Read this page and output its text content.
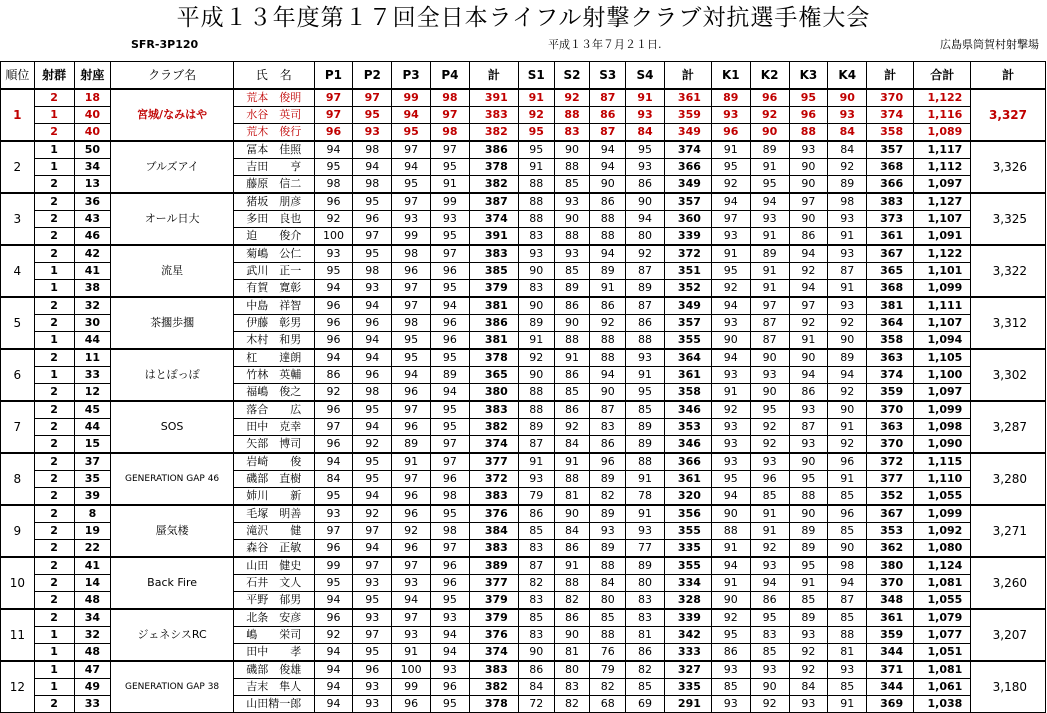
平成１３年度第１７回全日本ライフル射撃クラブ対抗選手権大会
SFR-3P120	平成１３年７月２１日.	広島県筒賀村射撃場
順位	射群	射座	クラブ名	氏　名	P1	P2	P3	P4	計	S1	S2	S3	S4	計	K1	K2	K3	K4	計	合計	計
1	2	18	宮城/なみはや	荒本　俊明	97	97	99	98	391	91	92	87	91	361	89	96	95	90	370	1,122	3,327
	1	40		水谷　英司	97	95	94	97	383	92	88	86	93	359	93	92	96	93	374	1,116	
	2	40		荒木　俊行	96	93	95	98	382	95	83	87	84	349	96	90	88	84	358	1,089	
2	1	50	ブルズアイ	冨本　佳照	94	98	97	97	386	95	90	94	95	374	91	89	93	84	357	1,117	3,326
	1	34		吉田　　亨	95	94	94	95	378	91	88	94	93	366	95	91	90	92	368	1,112	
	2	13		藤原　信二	98	98	95	91	382	88	85	90	86	349	92	95	90	89	366	1,097	
3	2	36	オール日大	猪坂　朋彦	96	95	97	99	387	88	93	86	90	357	94	94	97	98	383	1,127	3,325
	2	43		多田　良也	92	96	93	93	374	88	90	88	94	360	97	93	90	93	373	1,107	
	2	46		迫　　俊介	100	97	99	95	391	83	88	88	80	339	93	91	86	91	361	1,091	
4	2	42	流星	菊嶋　公仁	93	95	98	97	383	93	93	94	92	372	91	89	94	93	367	1,122	3,322
	1	41		武川　正一	95	98	96	96	385	90	85	89	87	351	95	91	92	87	365	1,101	
	1	38		有賀　寛彰	94	93	97	95	379	83	89	91	89	352	92	91	94	91	368	1,099	
5	2	32	茶擱歩擱	中島　祥智	96	94	97	94	381	90	86	86	87	349	94	97	97	93	381	1,111	3,312
	2	30		伊藤　彰男	96	96	98	96	386	89	90	92	86	357	93	87	92	92	364	1,107	
	1	44		木村　和男	96	94	95	96	381	91	88	88	88	355	90	87	91	90	358	1,094	
6	2	11	はとぽっぽ	杠　　達朗	94	94	95	95	378	92	91	88	93	364	94	90	90	89	363	1,105	3,302
	1	33		竹林　英輔	86	96	94	89	365	90	86	94	91	361	93	93	94	94	374	1,100	
	2	12		福嶋　俊之	92	98	96	94	380	88	85	90	95	358	91	90	86	92	359	1,097	
7	2	45	SOS	落合　　広	96	95	97	95	383	88	86	87	85	346	92	95	93	90	370	1,099	3,287
	2	44		田中　克幸	97	94	96	95	382	89	92	83	89	353	93	92	87	91	363	1,098	
	2	15		矢部　博司	96	92	89	97	374	87	84	86	89	346	93	92	93	92	370	1,090	
8	2	37	GENERATION GAP 46	岩崎　　俊	94	95	91	97	377	91	91	96	88	366	93	93	90	96	372	1,115	3,280
	2	35		磯部　直樹	84	95	97	96	372	93	88	89	91	361	95	96	95	91	377	1,110	
	2	39		姉川　　新	95	94	96	98	383	79	81	82	78	320	94	85	88	85	352	1,055	
9	2	8	蜃気楼	毛塚　明善	93	92	96	95	376	86	90	89	91	356	90	91	90	96	367	1,099	3,271
	2	19		滝沢　　健	97	97	92	98	384	85	84	93	93	355	88	91	89	85	353	1,092	
	2	22		森谷　正敏	96	94	96	97	383	83	86	89	77	335	91	92	89	90	362	1,080	
10	2	41	Back Fire	山田　健史	99	97	97	96	389	87	91	88	89	355	94	93	95	98	380	1,124	3,260
	2	14		石井　文人	95	93	93	96	377	82	88	84	80	334	91	94	91	94	370	1,081	
	2	48		平野　郁男	94	95	94	95	379	83	82	80	83	328	90	86	85	87	348	1,055	
11	2	34	ジェネシスRC	北条　安彦	96	93	97	93	379	85	86	85	83	339	92	95	89	85	361	1,079	3,207
	1	32		嶋　　栄司	92	97	93	94	376	83	90	88	81	342	95	83	93	88	359	1,077	
	1	48		田中　　孝	94	95	91	94	374	90	81	76	86	333	86	85	92	81	344	1,051	
12	1	47	GENERATION GAP 38	磯部　俊雄	94	96	100	93	383	86	80	79	82	327	93	93	92	93	371	1,081	3,180
	1	49		吉末　隼人	94	93	99	96	382	84	83	82	85	335	85	90	84	85	344	1,061	
	2	33		山田精一郎	94	93	96	95	378	72	82	68	69	291	93	92	93	91	369	1,038	
